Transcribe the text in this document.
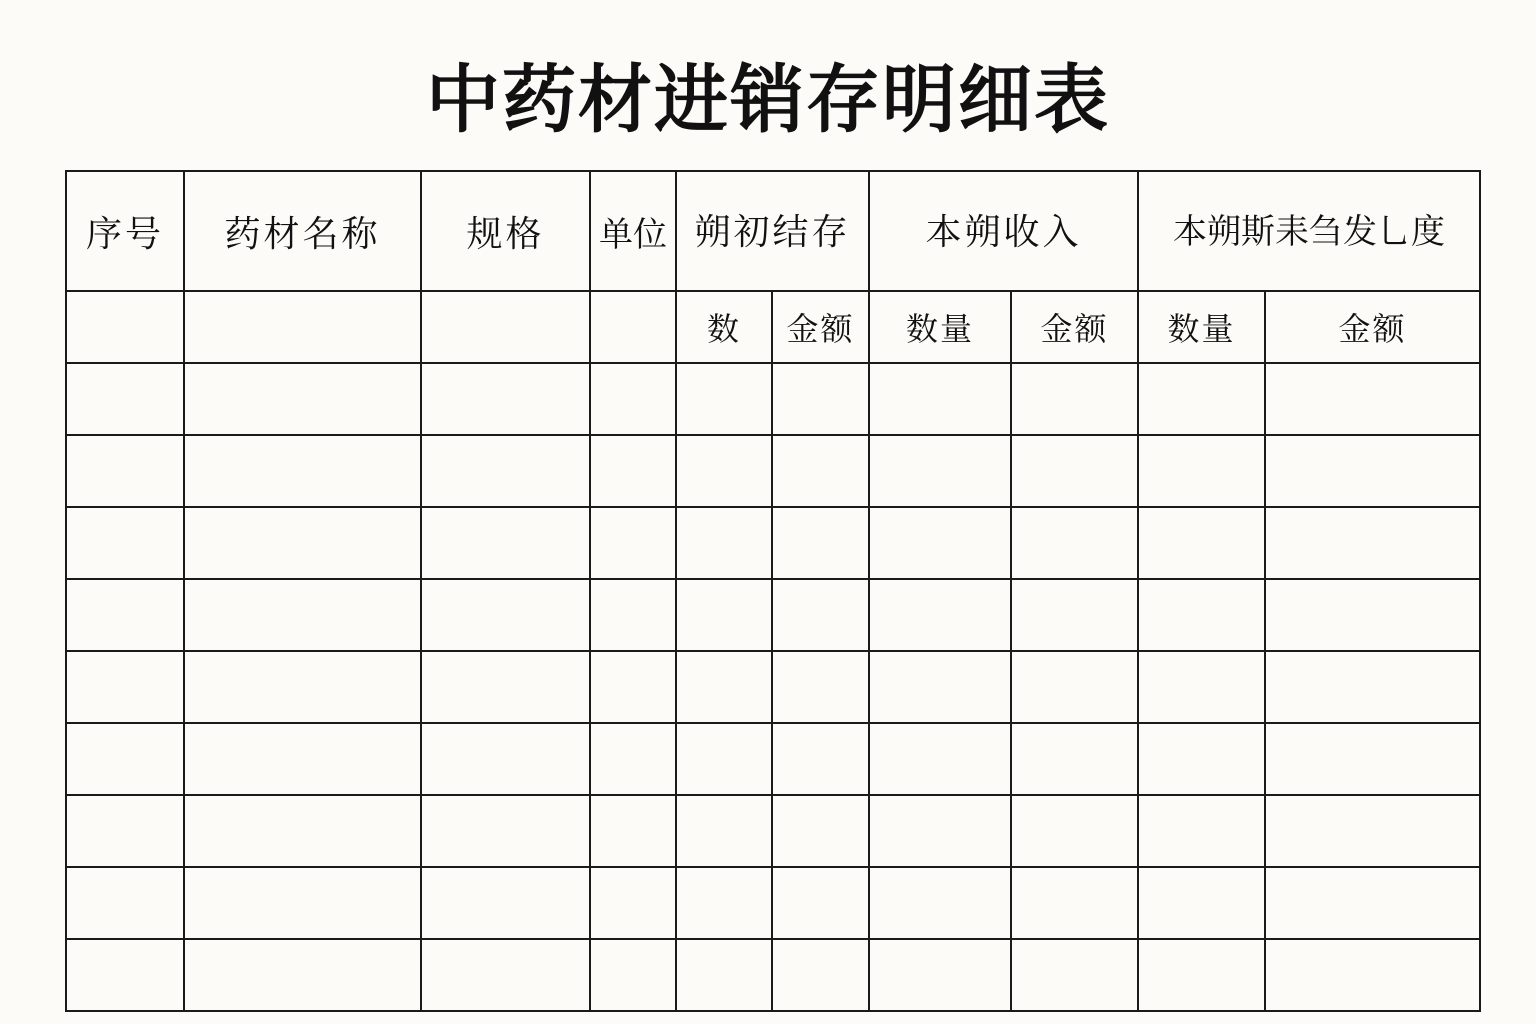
中药材进销存明细表
序号	药材名称	规格	单位	朔初结存		本朔收入		本朔斯耒刍发乚度	
				数	金额	数量	金额	数量	金额
